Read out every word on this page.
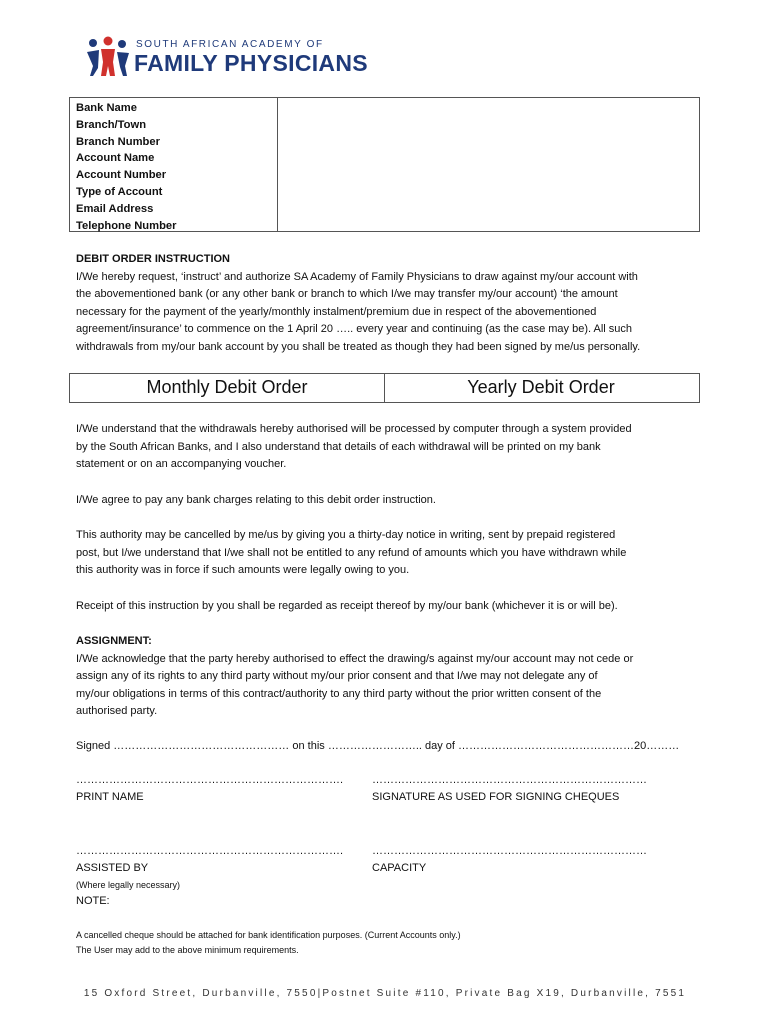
SOUTH AFRICAN ACADEMY OF
FAMILY PHYSICIANS
Bank Name
Branch/Town
Branch Number
Account Name
Account Number
Type of Account
Email Address
Telephone Number
DEBIT ORDER INSTRUCTION
I/We hereby request, ‘instruct’ and authorize SA Academy of Family Physicians to draw against my/our account with
the abovementioned bank (or any other bank or branch to which I/we may transfer my/our account) ‘the amount
necessary for the payment of the yearly/monthly instalment/premium due in respect of the abovementioned
agreement/insurance’ to commence on the 1 April 20 ….. every year and continuing (as the case may be). All such
withdrawals from my/our bank account by you shall be treated as though they had been signed by me/us personally.
Monthly Debit Order	Yearly Debit Order
I/We understand that the withdrawals hereby authorised will be processed by computer through a system provided
by the South African Banks, and I also understand that details of each withdrawal will be printed on my bank
statement or on an accompanying voucher.
I/We agree to pay any bank charges relating to this debit order instruction.
This authority may be cancelled by me/us by giving you a thirty-day notice in writing, sent by prepaid registered
post, but I/we understand that I/we shall not be entitled to any refund of amounts which you have withdrawn while
this authority was in force if such amounts were legally owing to you.
Receipt of this instruction by you shall be regarded as receipt thereof by my/our bank (whichever it is or will be).
ASSIGNMENT:
I/We acknowledge that the party hereby authorised to effect the drawing/s against my/our account may not cede or
assign any of its rights to any third party without my/our prior consent and that I/we may not delegate any of
my/our obligations in terms of this contract/authority to any third party without the prior written consent of the
authorised party.
Signed ………………………………………… on this …………………….. day of …………………………………………20………
……………………………………………………………….	…………………………………………………………………
PRINT NAME	SIGNATURE AS USED FOR SIGNING CHEQUES
……………………………………………………………….	…………………………………………………………………
ASSISTED BY	CAPACITY
(Where legally necessary)
NOTE:
A cancelled cheque should be attached for bank identification purposes. (Current Accounts only.)
The User may add to the above minimum requirements.
15 Oxford Street, Durbanville, 7550|Postnet Suite #110, Private Bag X19, Durbanville, 7551
